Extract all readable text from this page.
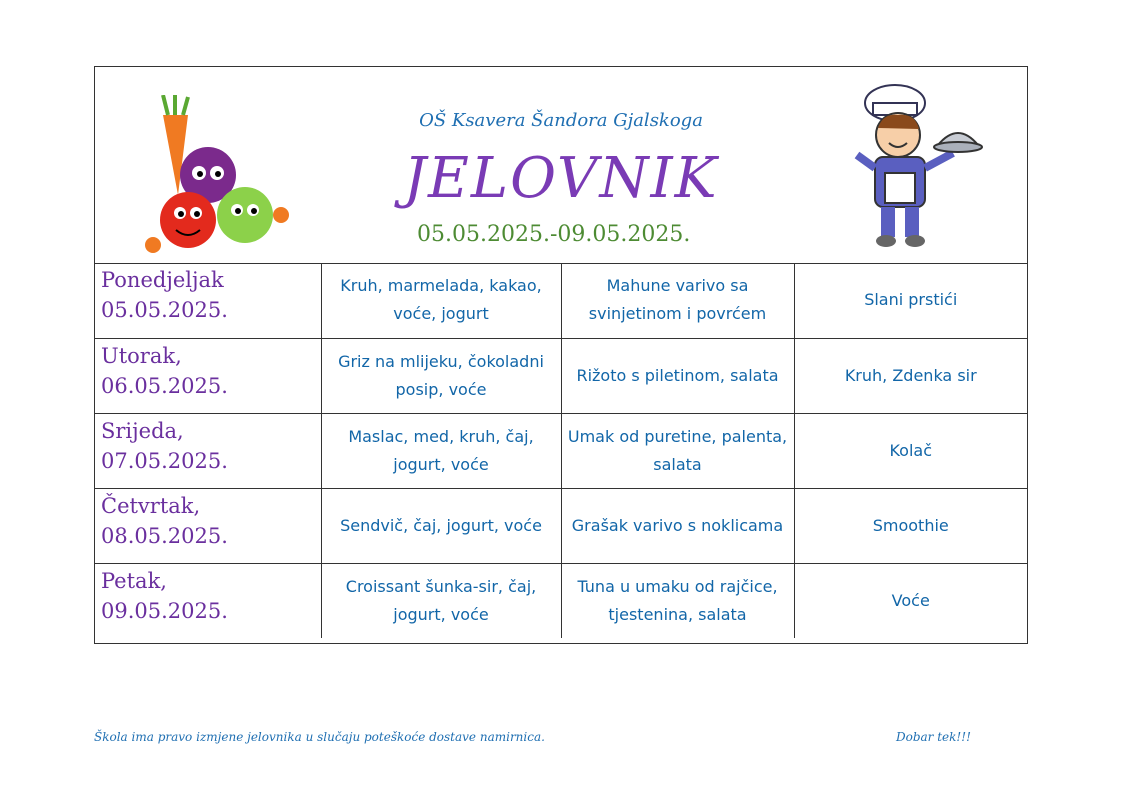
OŠ Ksavera Šandora Gjalskoga
JELOVNIK
05.05.2025.-09.05.2025.
Ponedjeljak
05.05.2025.	Kruh, marmelada, kakao, voće, jogurt	Mahune varivo sa svinjetinom i povrćem	Slani prstići

Utorak,
06.05.2025.	Griz na mlijeku, čokoladni posip, voće	Rižoto s piletinom, salata	Kruh, Zdenka sir

Srijeda,
07.05.2025.	Maslac, med, kruh, čaj, jogurt, voće	Umak od puretine, palenta, salata	Kolač

Četvrtak,
08.05.2025.	Sendvič, čaj, jogurt, voće	Grašak varivo s noklicama	Smoothie

Petak,
09.05.2025.	Croissant šunka-sir, čaj, jogurt, voće	Tuna u umaku od rajčice, tjestenina, salata	Voće
Škola ima pravo izmjene jelovnika u slučaju poteškoće dostave namirnica.	Dobar tek!!!
